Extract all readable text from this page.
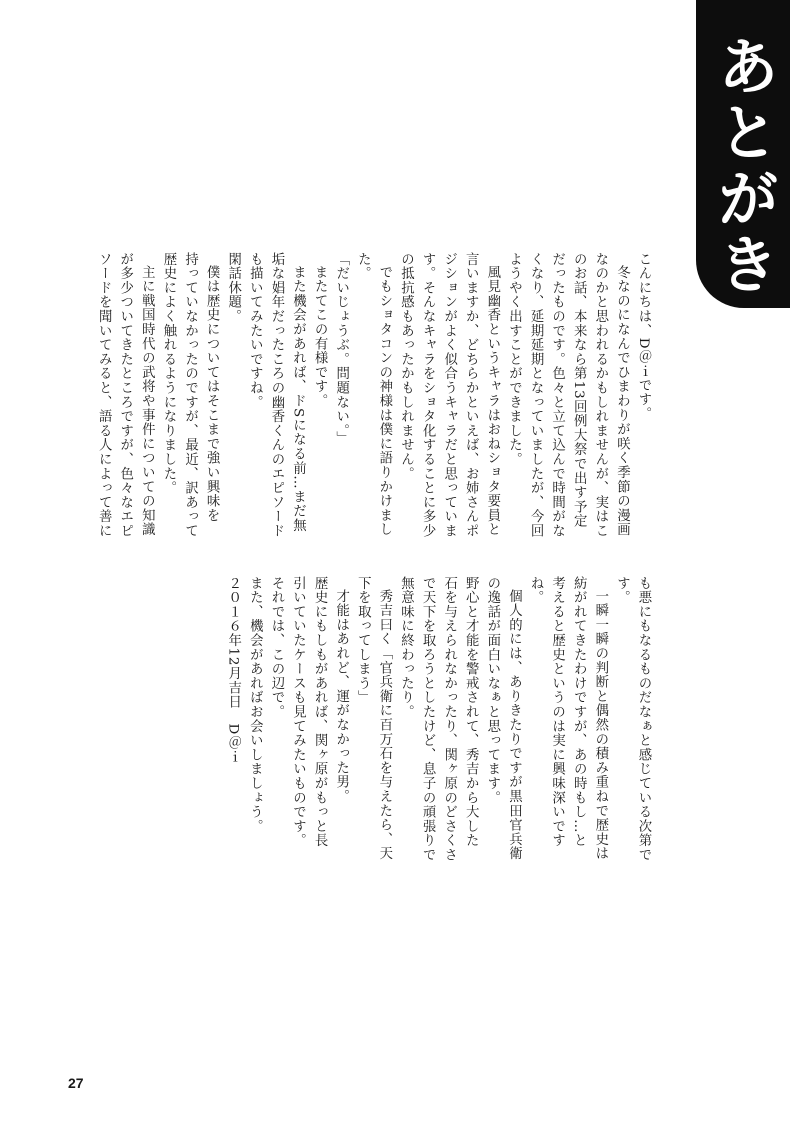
あとがき
こんにちは、D＠ｉです。
冬なのになんでひまわりが咲く季節の漫画
なのかと思われるかもしれませんが、実はこ
のお話、本来なら第13回例大祭で出す予定
だったものです。色々と立て込んで時間がな
くなり、延期延期となっていましたが、今回
ようやく出すことができました。
風見幽香というキャラはおねショタ要員と
言いますか、どちらかといえば、お姉さんポ
ジションがよく似合うキャラだと思っていま
す。そんなキャラをショタ化することに多少
の抵抗感もあったかもしれません。
でもショタコンの神様は僕に語りかけまし
た。
「だいじょうぶ。問題ない。」
またてこの有様です。
また機会があれば、ドSになる前…まだ無
垢な娼年だったころの幽香くんのエピソード
も描いてみたいですね。
閑話休題。
僕は歴史についてはそこまで強い興味を
持っていなかったのですが、最近、訳あって
歴史によく触れるようになりました。
主に戦国時代の武将や事件についての知識
が多少ついてきたところですが、色々なエピ
ソードを聞いてみると、語る人によって善に
も悪にもなるものだなぁと感じている次第で
す。
一瞬一瞬の判断と偶然の積み重ねで歴史は
紡がれてきたわけですが、あの時もし…と
考えると歴史というのは実に興味深いです
ね。
個人的には、ありきたりですが黒田官兵衛
の逸話が面白いなぁと思ってます。
野心と才能を警戒されて、秀吉から大した
石を与えられなかったり、関ヶ原のどさくさ
で天下を取ろうとしたけど、息子の頑張りで
無意味に終わったり。
秀吉曰く「官兵衛に百万石を与えたら、天
下を取ってしまう」
才能はあれど、運がなかった男。
歴史にもしもがあれば、関ヶ原がもっと長
引いていたケースも見てみたいものです。
それでは、この辺で。
また、機会があればお会いしましょう。
２０１６年12月吉日　D＠ｉ
27
